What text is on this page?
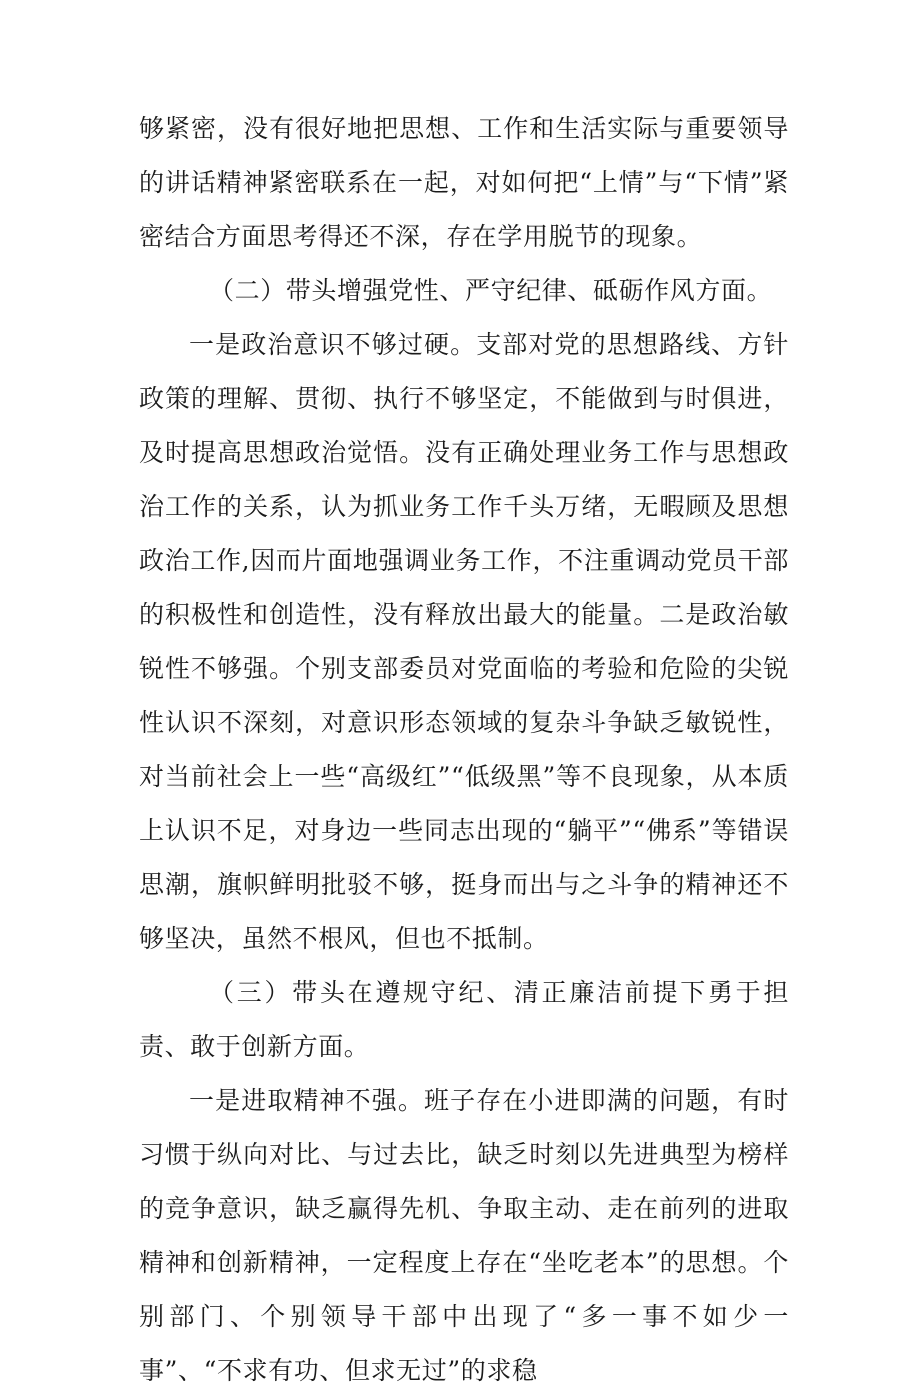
够紧密，没有很好地把思想、工作和生活实际与重要领导的讲话精神紧密联系在一起，对如何把“上情”与“下情”紧密结合方面思考得还不深，存在学用脱节的现象。

（二）带头增强党性、严守纪律、砥砺作风方面。

一是政治意识不够过硬。支部对党的思想路线、方针政策的理解、贯彻、执行不够坚定，不能做到与时俱进，及时提高思想政治觉悟。没有正确处理业务工作与思想政治工作的关系，认为抓业务工作千头万绪，无暇顾及思想政治工作,因而片面地强调业务工作，不注重调动党员干部的积极性和创造性，没有释放出最大的能量。二是政治敏锐性不够强。个别支部委员对党面临的考验和危险的尖锐性认识不深刻，对意识形态领域的复杂斗争缺乏敏锐性，对当前社会上一些“高级红”“低级黑”等不良现象，从本质上认识不足，对身边一些同志出现的“躺平”“佛系”等错误思潮，旗帜鲜明批驳不够，挺身而出与之斗争的精神还不够坚决，虽然不根风，但也不抵制。

（三）带头在遵规守纪、清正廉洁前提下勇于担责、敢于创新方面。

一是进取精神不强。班子存在小进即满的问题，有时习惯于纵向对比、与过去比，缺乏时刻以先进典型为榜样的竞争意识，缺乏赢得先机、争取主动、走在前列的进取精神和创新精神，一定程度上存在“坐吃老本”的思想。个别部门、个别领导干部中出现了“多一事不如少一事”、“不求有功、但求无过”的求稳
